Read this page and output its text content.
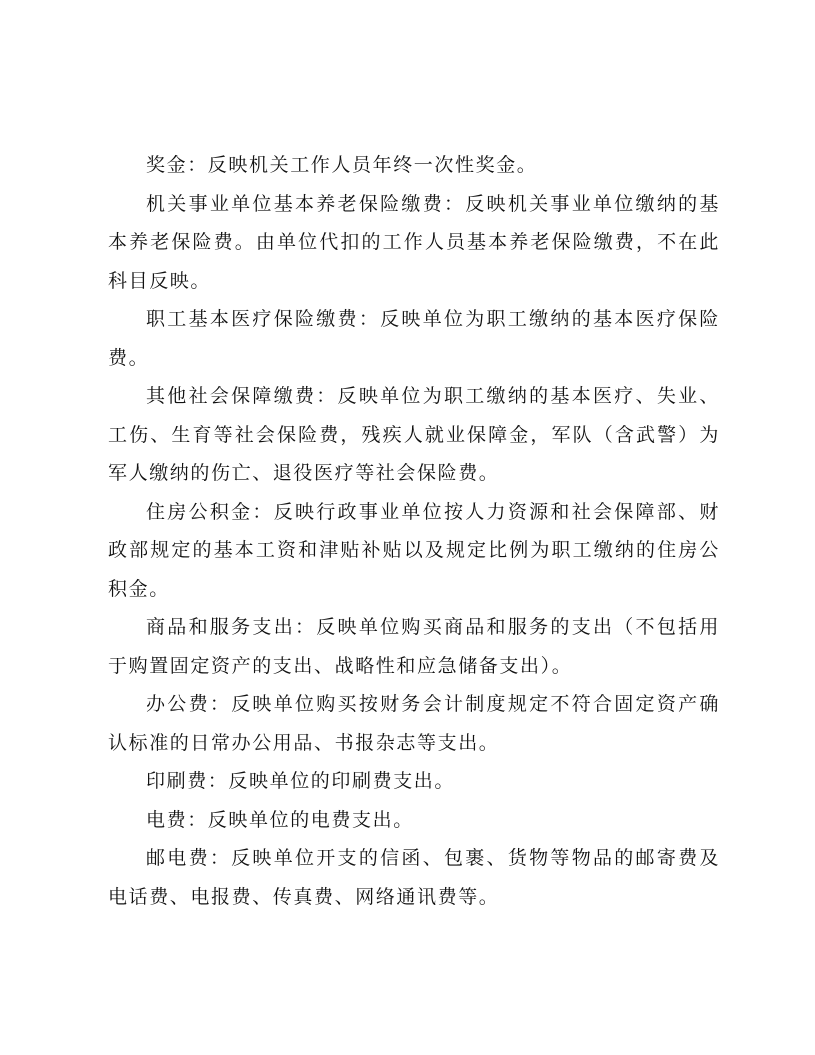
奖金：反映机关工作人员年终一次性奖金。

机关事业单位基本养老保险缴费：反映机关事业单位缴纳的基本养老保险费。由单位代扣的工作人员基本养老保险缴费，不在此科目反映。

职工基本医疗保险缴费：反映单位为职工缴纳的基本医疗保险费。

其他社会保障缴费：反映单位为职工缴纳的基本医疗、失业、工伤、生育等社会保险费，残疾人就业保障金，军队（含武警）为军人缴纳的伤亡、退役医疗等社会保险费。

住房公积金：反映行政事业单位按人力资源和社会保障部、财政部规定的基本工资和津贴补贴以及规定比例为职工缴纳的住房公积金。

商品和服务支出：反映单位购买商品和服务的支出（不包括用于购置固定资产的支出、战略性和应急储备支出）。

办公费：反映单位购买按财务会计制度规定不符合固定资产确认标准的日常办公用品、书报杂志等支出。

印刷费：反映单位的印刷费支出。

电费：反映单位的电费支出。

邮电费：反映单位开支的信函、包裹、货物等物品的邮寄费及电话费、电报费、传真费、网络通讯费等。
